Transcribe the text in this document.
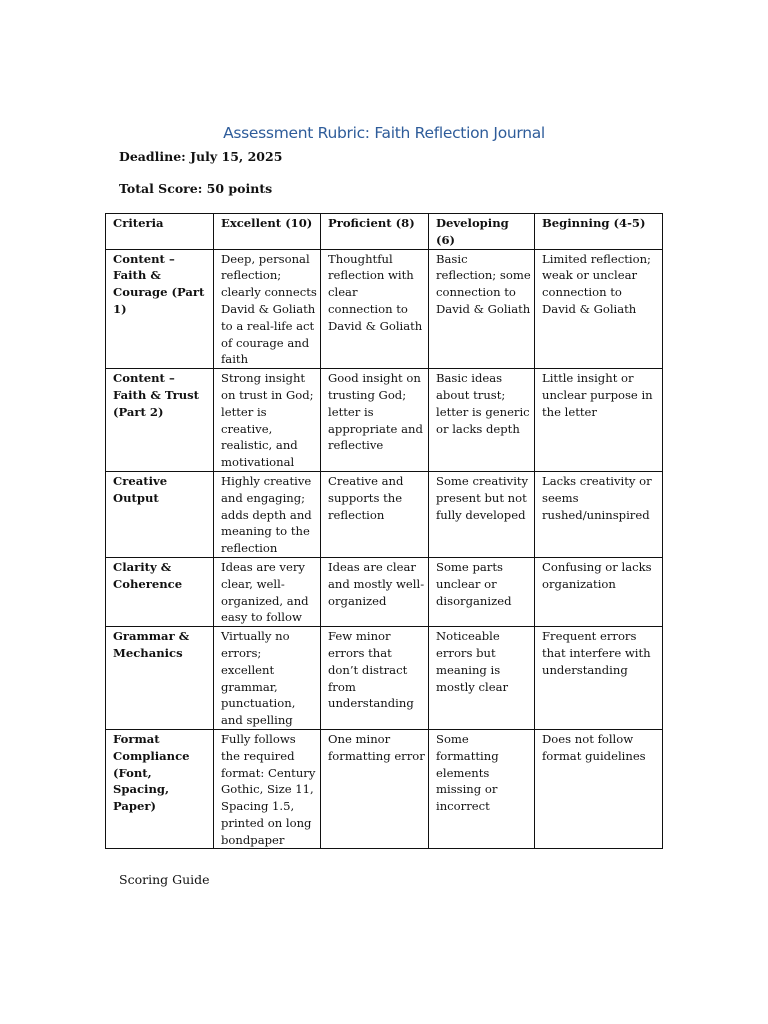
Assessment Rubric: Faith Reflection Journal
Deadline: July 15, 2025
Total Score: 50 points
Criteria	Excellent (10)	Proficient (8)	Developing (6)	Beginning (4-5)
Content – Faith & Courage (Part 1)	Deep, personal reflection; clearly connects David & Goliath to a real-life act of courage and faith	Thoughtful reflection with clear connection to David & Goliath	Basic reflection; some connection to David & Goliath	Limited reflection; weak or unclear connection to David & Goliath
Content – Faith & Trust (Part 2)	Strong insight on trust in God; letter is creative, realistic, and motivational	Good insight on trusting God; letter is appropriate and reflective	Basic ideas about trust; letter is generic or lacks depth	Little insight or unclear purpose in the letter
Creative Output	Highly creative and engaging; adds depth and meaning to the reflection	Creative and supports the reflection	Some creativity present but not fully developed	Lacks creativity or seems rushed/uninspired
Clarity & Coherence	Ideas are very clear, well-organized, and easy to follow	Ideas are clear and mostly well-organized	Some parts unclear or disorganized	Confusing or lacks organization
Grammar & Mechanics	Virtually no errors; excellent grammar, punctuation, and spelling	Few minor errors that don’t distract from understanding	Noticeable errors but meaning is mostly clear	Frequent errors that interfere with understanding
Format Compliance (Font, Spacing, Paper)	Fully follows the required format: Century Gothic, Size 11, Spacing 1.5, printed on long bondpaper	One minor formatting error	Some formatting elements missing or incorrect	Does not follow format guidelines
Scoring Guide
